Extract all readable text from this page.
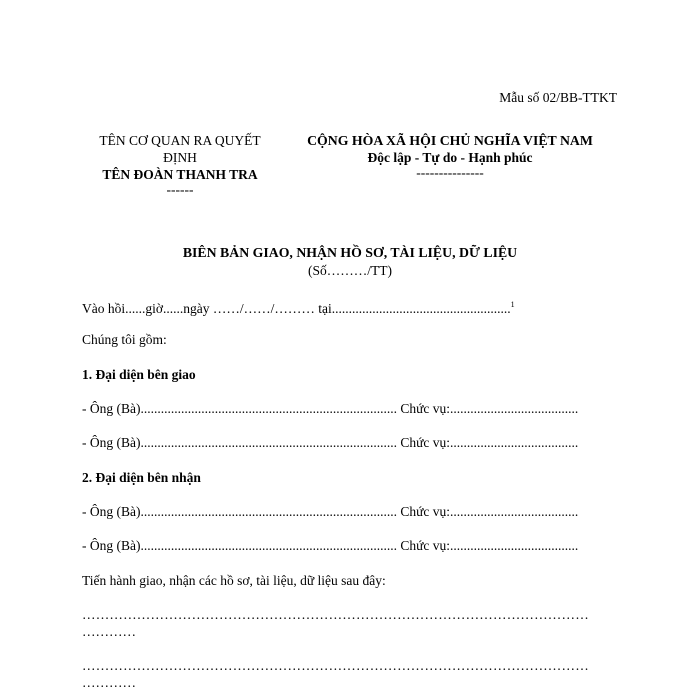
Mẫu số 02/BB-TTKT
TÊN CƠ QUAN RA QUYẾT
ĐỊNH
TÊN ĐOÀN THANH TRA
------
CỘNG HÒA XÃ HỘI CHỦ NGHĨA VIỆT NAM
Độc lập - Tự do - Hạnh phúc
---------------
BIÊN BẢN GIAO, NHẬN HỒ SƠ, TÀI LIỆU, DỮ LIỆU
(Số………/TT)
Vào hồi......giờ......ngày ……/……/……… tại.....................................................$^1$
Chúng tôi gồm:
1. Đại diện bên giao
- Ông (Bà)............................................................................ Chức vụ:......................................
- Ông (Bà)............................................................................ Chức vụ:......................................
2. Đại diện bên nhận
- Ông (Bà)............................................................................ Chức vụ:......................................
- Ông (Bà)............................................................................ Chức vụ:......................................
Tiến hành giao, nhận các hồ sơ, tài liệu, dữ liệu sau đây:
…………………………………………………………………………………………………
…………
…………………………………………………………………………………………………
…………
